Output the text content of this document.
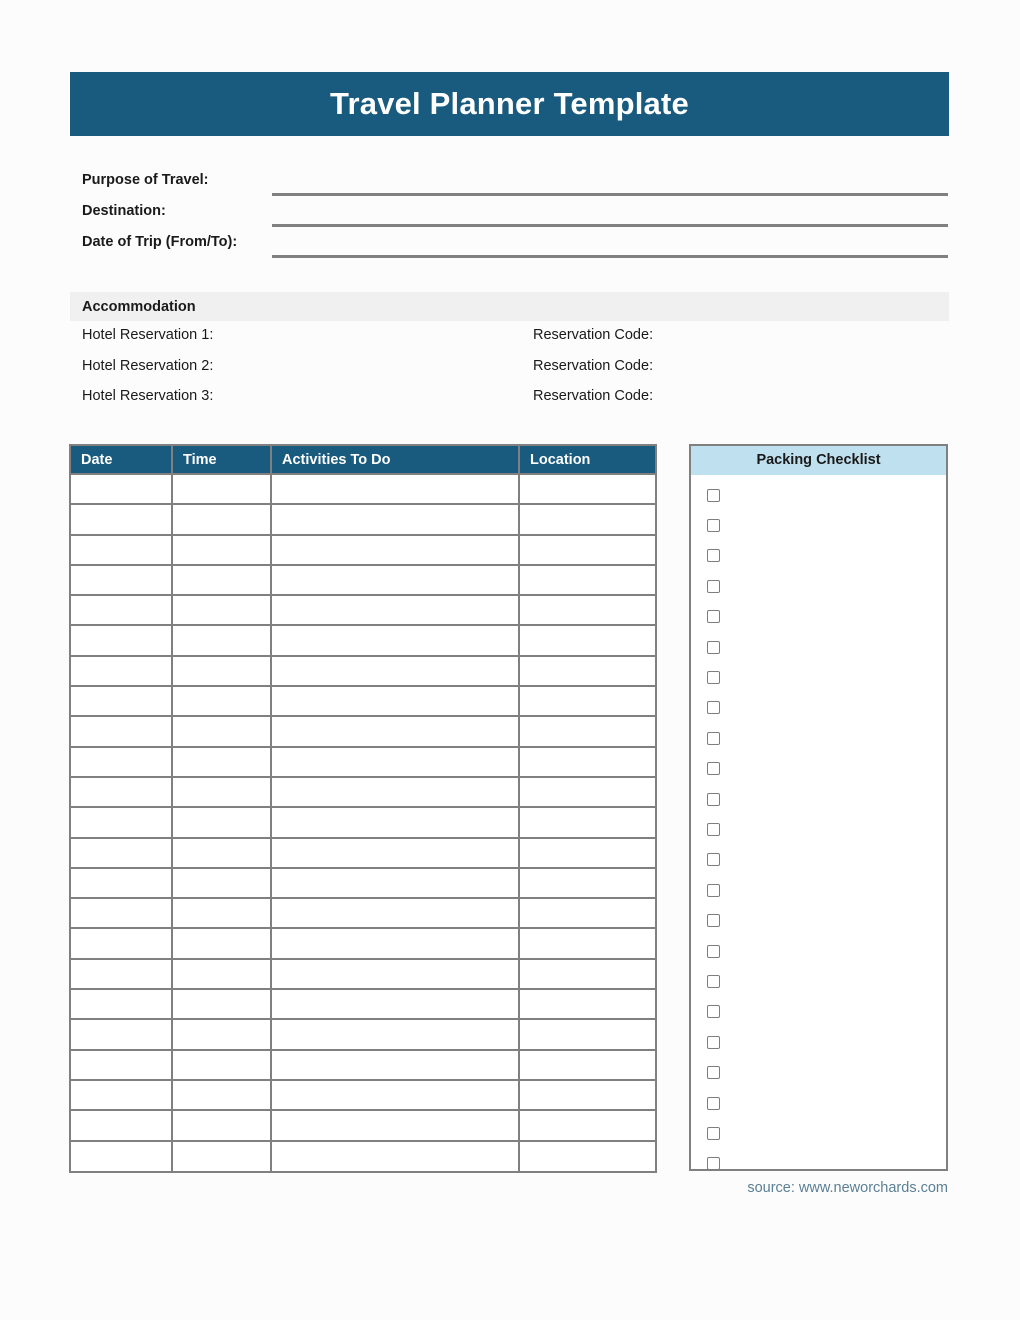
Travel Planner Template
Purpose of Travel:
Destination:
Date of Trip (From/To):
Accommodation
Hotel Reservation 1:	Reservation Code:
Hotel Reservation 2:	Reservation Code:
Hotel Reservation 3:	Reservation Code:
Date	Time	Activities To Do	Location

				Packing Checklist
source: www.neworchards.com
